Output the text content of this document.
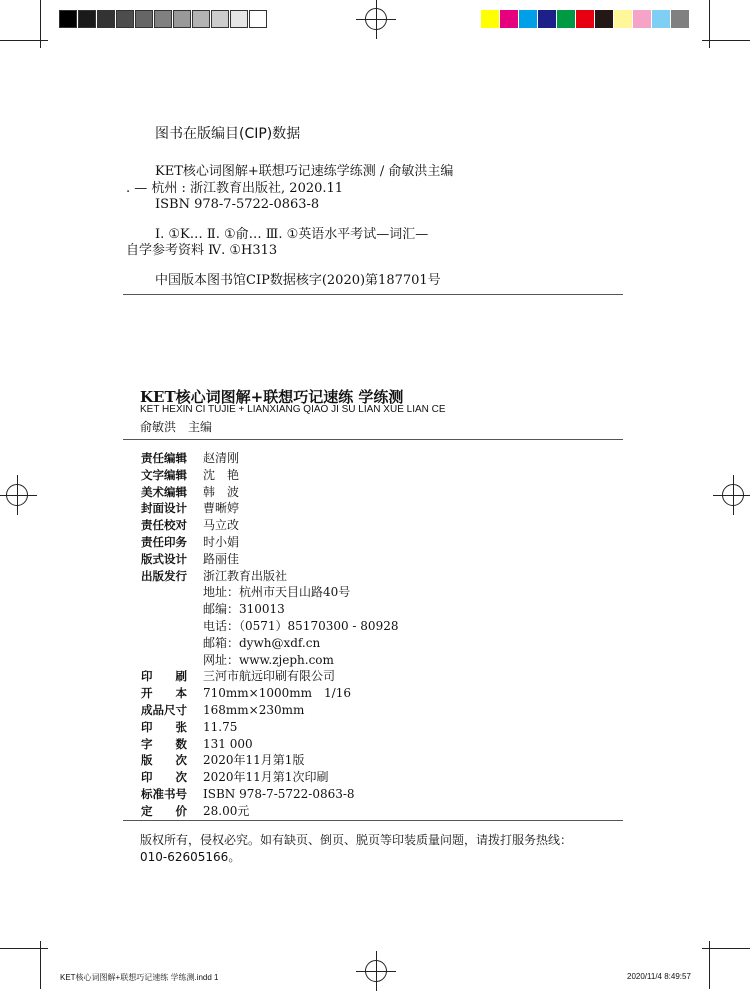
图书在版编目(CIP)数据
KET核心词图解+联想巧记速练学练测 / 俞敏洪主编
. — 杭州 : 浙江教育出版社, 2020.11
ISBN 978-7-5722-0863-8
Ⅰ. ①K… Ⅱ. ①俞… Ⅲ. ①英语水平考试—词汇—
自学参考资料 Ⅳ. ①H313
中国版本图书馆CIP数据核字(2020)第187701号
KET核心词图解+联想巧记速练 学练测
KET HEXIN CI TUJIE + LIANXIANG QIAO JI SU LIAN XUE LIAN CE
俞敏洪　主编
责任编辑	赵清刚
文字编辑	沈　艳
美术编辑	韩　波
封面设计	曹晰婷
责任校对	马立改
责任印务	时小娟
版式设计	路丽佳
出版发行	浙江教育出版社
地址：杭州市天目山路40号
邮编：310013
电话：（0571）85170300 - 80928
邮箱：dywh@xdf.cn
网址：www.zjeph.com
印　　刷	三河市航远印刷有限公司
开　　本	710mm×1000mm　1/16
成品尺寸	168mm×230mm
印　　张	11.75
字　　数	131 000
版　　次	2020年11月第1版
印　　次	2020年11月第1次印刷
标准书号	ISBN 978-7-5722-0863-8
定　　价	28.00元
版权所有，侵权必究。如有缺页、倒页、脱页等印装质量问题，请拨打服务热线：
010-62605166。
KET核心词图解+联想巧记速练 学练测.indd 1	2020/11/4 8:49:57
